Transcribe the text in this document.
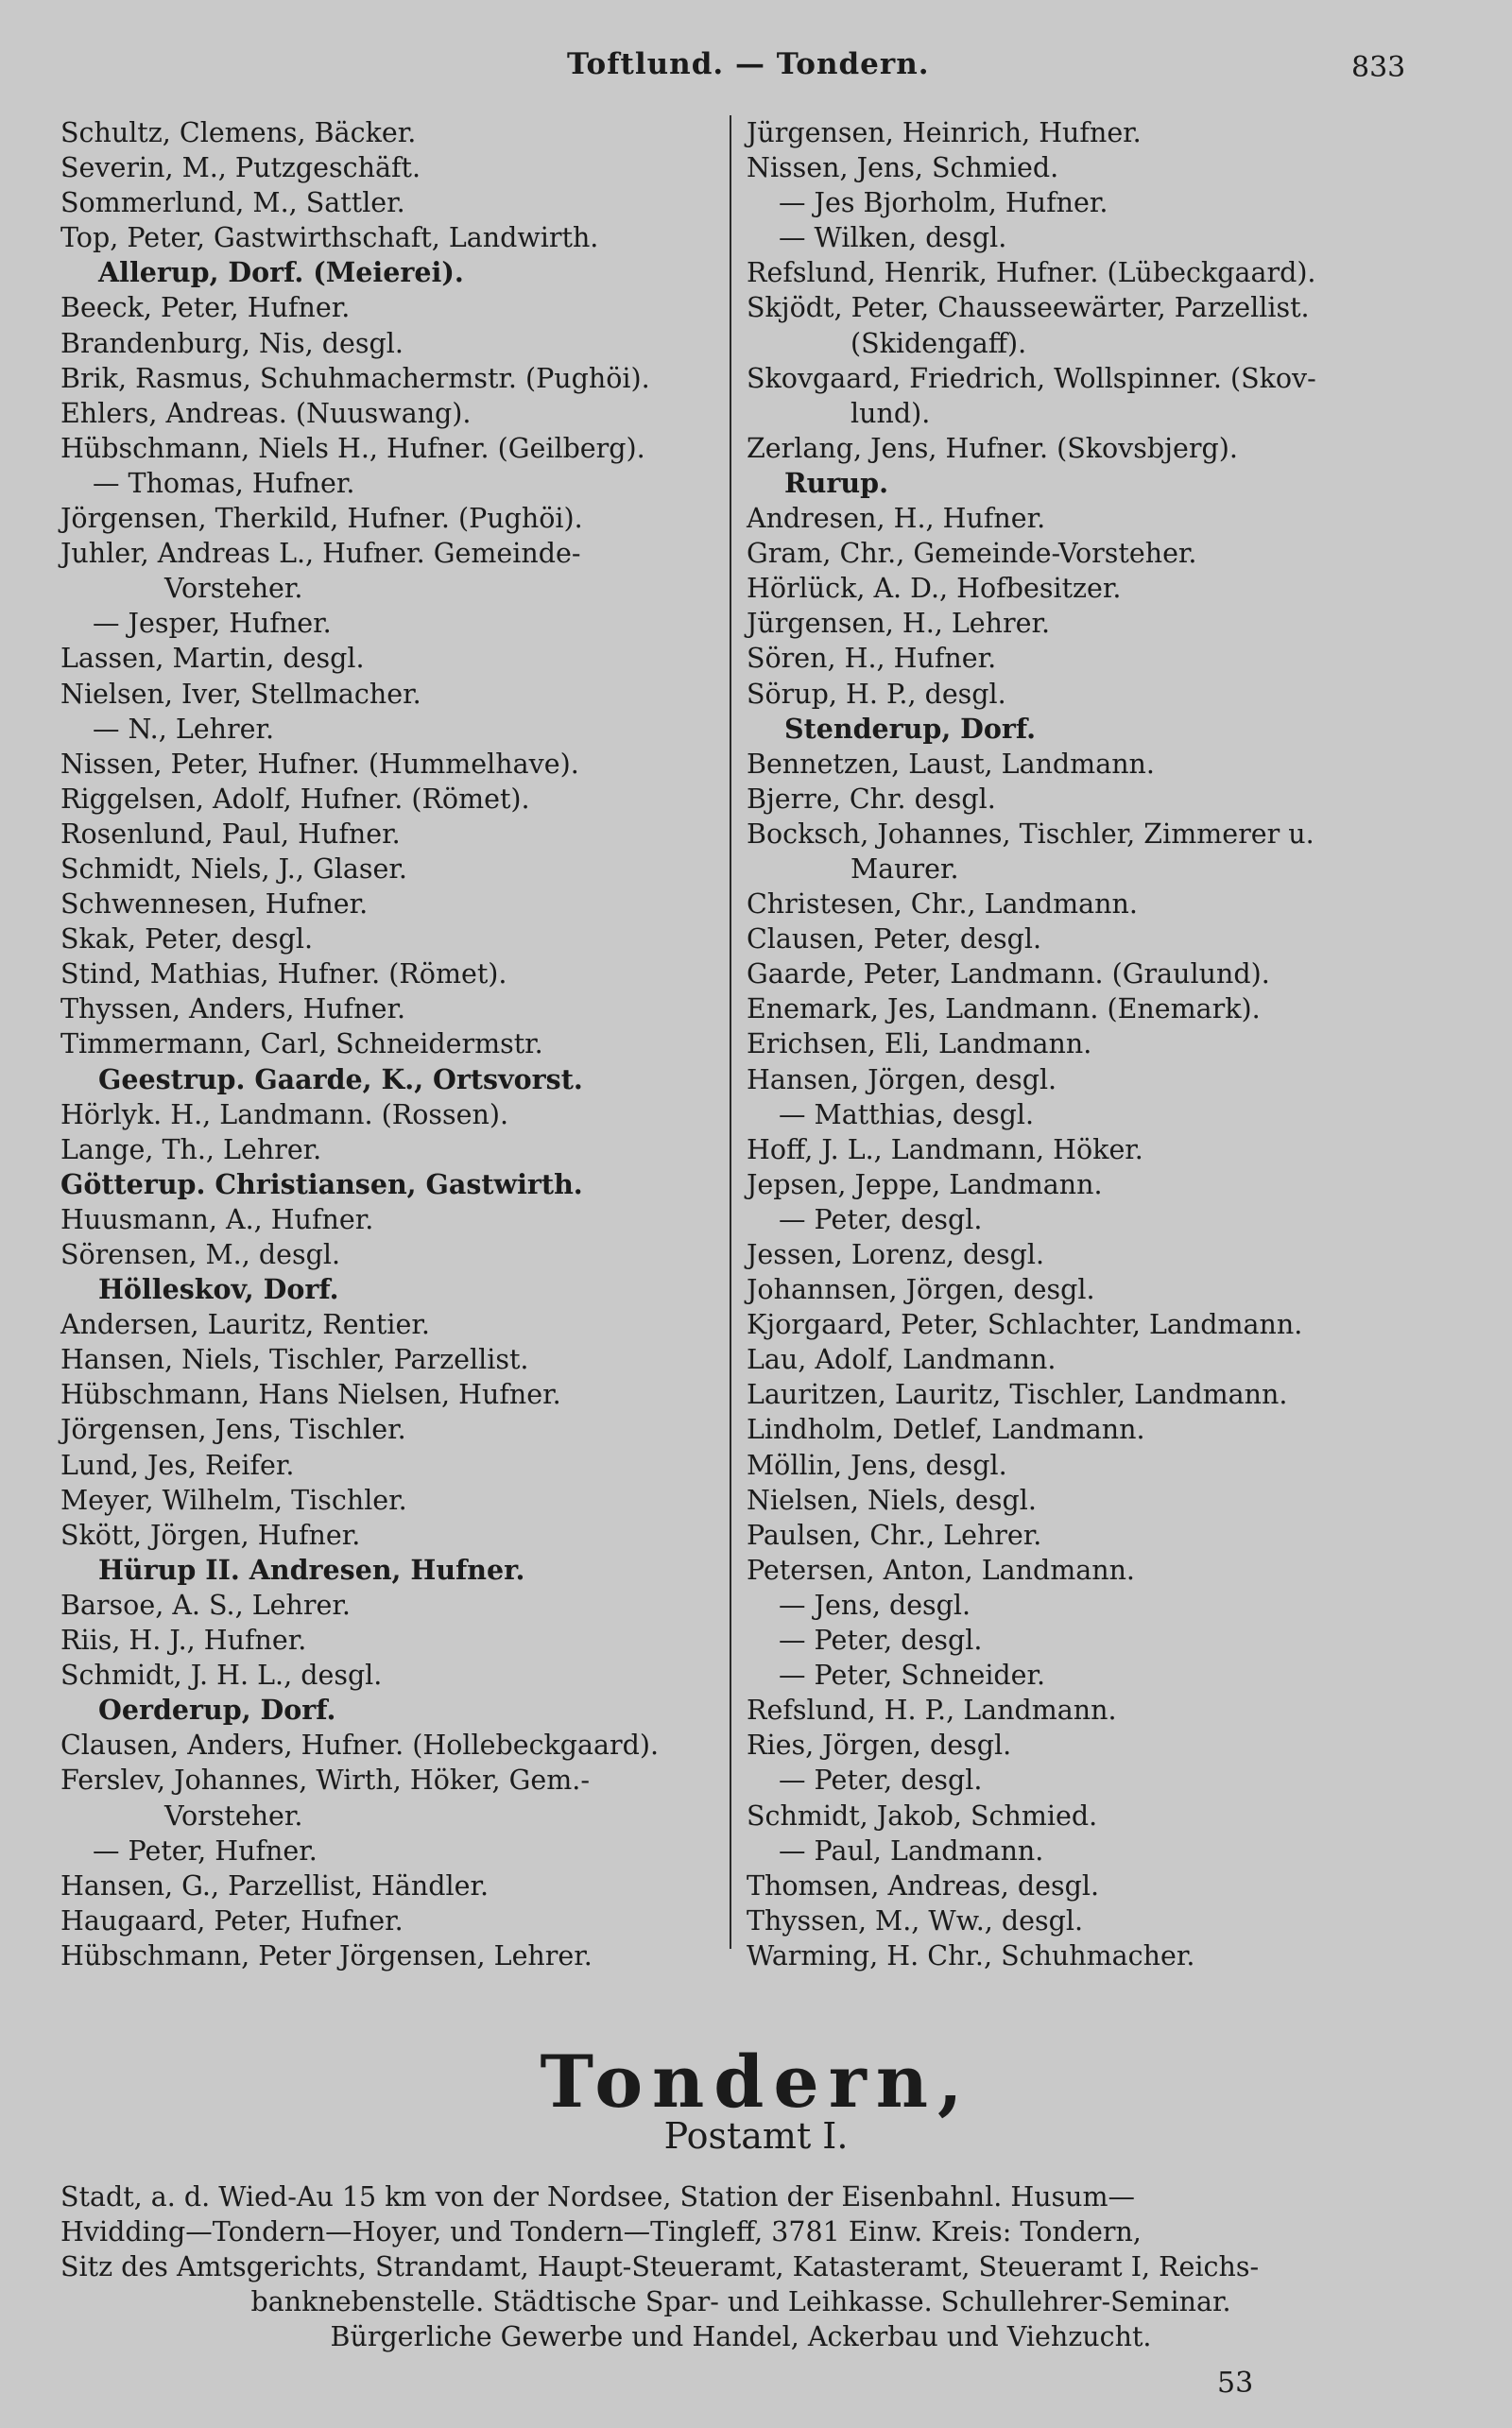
Toftlund. — Tondern.	833
Schultz, Clemens, Bäcker.
Severin, M., Putzgeschäft.
Sommerlund, M., Sattler.
Top, Peter, Gastwirthschaft, Landwirth.
Allerup, Dorf. (Meierei).
Beeck, Peter, Hufner.
Brandenburg, Nis, desgl.
Brik, Rasmus, Schuhmachermstr. (Pughöi).
Ehlers, Andreas. (Nuuswang).
Hübschmann, Niels H., Hufner. (Geilberg).
— Thomas, Hufner.
Jörgensen, Therkild, Hufner. (Pughöi).
Juhler, Andreas L., Hufner. Gemeinde-
Vorsteher.
— Jesper, Hufner.
Lassen, Martin, desgl.
Nielsen, Iver, Stellmacher.
— N., Lehrer.
Nissen, Peter, Hufner. (Hummelhave).
Riggelsen, Adolf, Hufner. (Römet).
Rosenlund, Paul, Hufner.
Schmidt, Niels, J., Glaser.
Schwennesen, Hufner.
Skak, Peter, desgl.
Stind, Mathias, Hufner. (Römet).
Thyssen, Anders, Hufner.
Timmermann, Carl, Schneidermstr.
Geestrup. Gaarde, K., Ortsvorst.
Hörlyk. H., Landmann. (Rossen).
Lange, Th., Lehrer.
Götterup. Christiansen, Gastwirth.
Huusmann, A., Hufner.
Sörensen, M., desgl.
Hölleskov, Dorf.
Andersen, Lauritz, Rentier.
Hansen, Niels, Tischler, Parzellist.
Hübschmann, Hans Nielsen, Hufner.
Jörgensen, Jens, Tischler.
Lund, Jes, Reifer.
Meyer, Wilhelm, Tischler.
Skött, Jörgen, Hufner.
Hürup II. Andresen, Hufner.
Barsoe, A. S., Lehrer.
Riis, H. J., Hufner.
Schmidt, J. H. L., desgl.
Oerderup, Dorf.
Clausen, Anders, Hufner. (Hollebeckgaard).
Ferslev, Johannes, Wirth, Höker, Gem.-
Vorsteher.
— Peter, Hufner.
Hansen, G., Parzellist, Händler.
Haugaard, Peter, Hufner.
Hübschmann, Peter Jörgensen, Lehrer.
Jürgensen, Heinrich, Hufner.
Nissen, Jens, Schmied.
— Jes Bjorholm, Hufner.
— Wilken, desgl.
Refslund, Henrik, Hufner. (Lübeckgaard).
Skjödt, Peter, Chausseewärter, Parzellist.
(Skidengaff).
Skovgaard, Friedrich, Wollspinner. (Skov-
lund).
Zerlang, Jens, Hufner. (Skovsbjerg).
Rurup.
Andresen, H., Hufner.
Gram, Chr., Gemeinde-Vorsteher.
Hörlück, A. D., Hofbesitzer.
Jürgensen, H., Lehrer.
Sören, H., Hufner.
Sörup, H. P., desgl.
Stenderup, Dorf.
Bennetzen, Laust, Landmann.
Bjerre, Chr. desgl.
Bocksch, Johannes, Tischler, Zimmerer u.
Maurer.
Christesen, Chr., Landmann.
Clausen, Peter, desgl.
Gaarde, Peter, Landmann. (Graulund).
Enemark, Jes, Landmann. (Enemark).
Erichsen, Eli, Landmann.
Hansen, Jörgen, desgl.
— Matthias, desgl.
Hoff, J. L., Landmann, Höker.
Jepsen, Jeppe, Landmann.
— Peter, desgl.
Jessen, Lorenz, desgl.
Johannsen, Jörgen, desgl.
Kjorgaard, Peter, Schlachter, Landmann.
Lau, Adolf, Landmann.
Lauritzen, Lauritz, Tischler, Landmann.
Lindholm, Detlef, Landmann.
Möllin, Jens, desgl.
Nielsen, Niels, desgl.
Paulsen, Chr., Lehrer.
Petersen, Anton, Landmann.
— Jens, desgl.
— Peter, desgl.
— Peter, Schneider.
Refslund, H. P., Landmann.
Ries, Jörgen, desgl.
— Peter, desgl.
Schmidt, Jakob, Schmied.
— Paul, Landmann.
Thomsen, Andreas, desgl.
Thyssen, M., Ww., desgl.
Warming, H. Chr., Schuhmacher.
Tondern,
Postamt I.
Stadt, a. d. Wied-Au 15 km von der Nordsee, Station der Eisenbahnl. Husum—
Hvidding—Tondern—Hoyer, und Tondern—Tingleff, 3781 Einw. Kreis: Tondern,
Sitz des Amtsgerichts, Strandamt, Haupt-Steueramt, Katasteramt, Steueramt I, Reichs-
banknebenstelle. Städtische Spar- und Leihkasse. Schullehrer-Seminar.
Bürgerliche Gewerbe und Handel, Ackerbau und Viehzucht.
53
